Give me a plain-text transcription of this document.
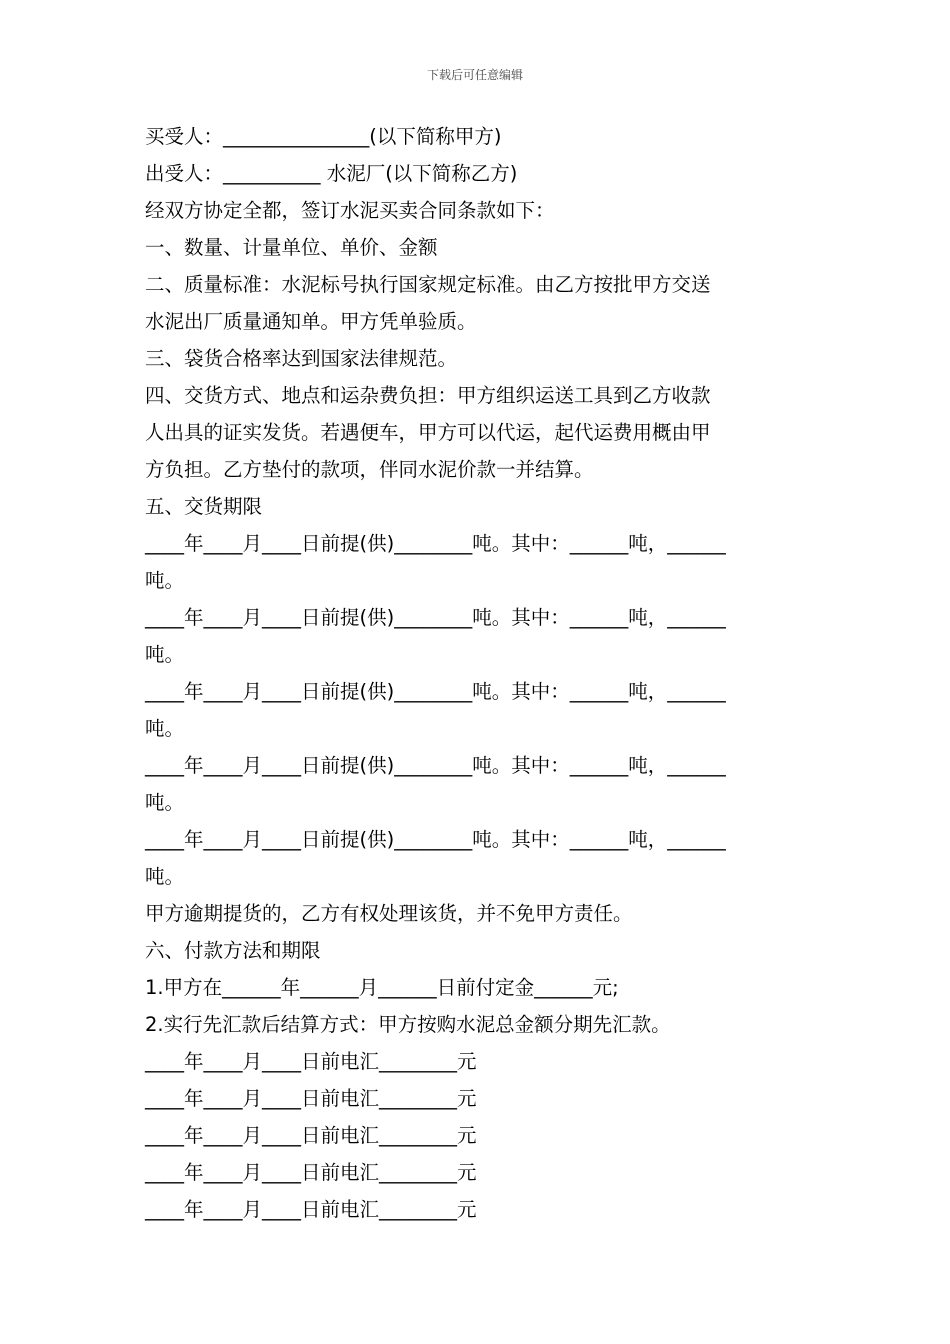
下载后可任意编辑
买受人：_______________(以下简称甲方)
出受人：__________ 水泥厂(以下简称乙方)
经双方协定全都，签订水泥买卖合同条款如下：
一、数量、计量单位、单价、金额
二、质量标准：水泥标号执行国家规定标准。由乙方按批甲方交送
水泥出厂质量通知单。甲方凭单验质。
三、袋货合格率达到国家法律规范。
四、交货方式、地点和运杂费负担：甲方组织运送工具到乙方收款
人出具的证实发货。若遇便车，甲方可以代运，起代运费用概由甲
方负担。乙方垫付的款项，伴同水泥价款一并结算。
五、交货期限
____年____月____日前提(供)________吨。其中：______吨，______
吨。
____年____月____日前提(供)________吨。其中：______吨，______
吨。
____年____月____日前提(供)________吨。其中：______吨，______
吨。
____年____月____日前提(供)________吨。其中：______吨，______
吨。
____年____月____日前提(供)________吨。其中：______吨，______
吨。
甲方逾期提货的，乙方有权处理该货，并不免甲方责任。
六、付款方法和期限
1.甲方在______年______月______日前付定金______元;
2.实行先汇款后结算方式：甲方按购水泥总金额分期先汇款。
____年____月____日前电汇________元
____年____月____日前电汇________元
____年____月____日前电汇________元
____年____月____日前电汇________元
____年____月____日前电汇________元
